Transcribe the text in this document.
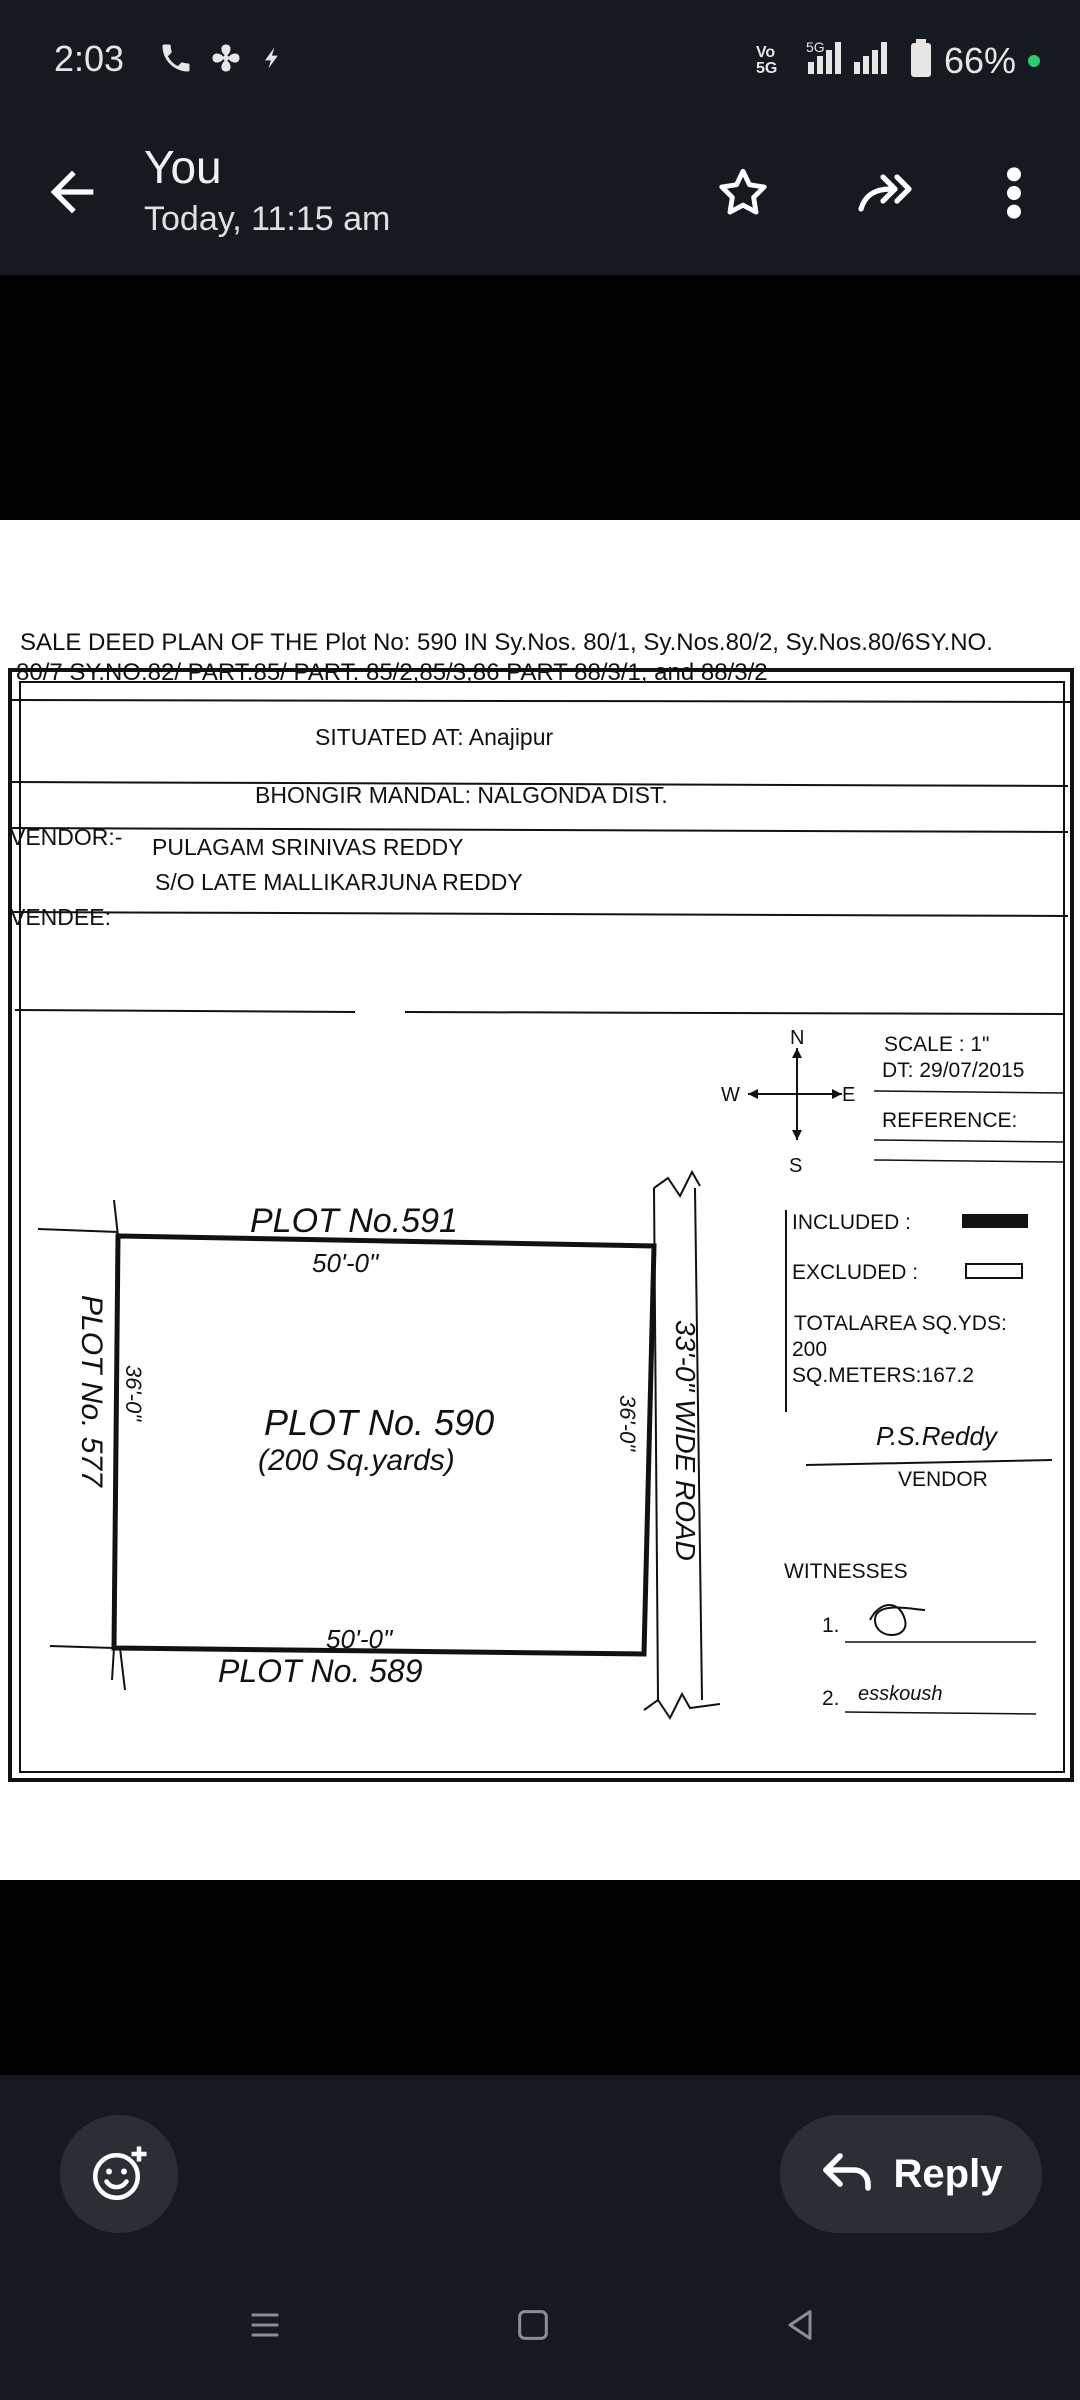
2:03	Vo 5G
5G	66%
You
Today, 11:15 am
SALE DEED PLAN OF THE Plot No: 590 IN Sy.Nos. 80/1, Sy.Nos.80/2, Sy.Nos.80/6SY.NO.
80/7 SY.NO.82/ PART.85/ PART. 85/2,85/3,86 PART 88/3/1, and 88/3/2
SITUATED AT: Anajipur
BHONGIR MANDAL: NALGONDA DIST.
VENDOR:- PULAGAM SRINIVAS REDDY
S/O LATE MALLIKARJUNA REDDY
VENDEE:
N
S
E
W
SCALE : 1"
DT: 29/07/2015
REFERENCE:
INCLUDED :
EXCLUDED :
TOTALAREA SQ.YDS:
200
SQ.METERS:167.2
P.S.Reddy
VENDOR
WITNESSES
1.
2. esskoush
PLOT No.591
50'-0"
PLOT No. 590
(200 Sq.yards)
50'-0"
PLOT No. 589
PLOT No. 577 36'-0"
36'-0" 33'-0" WIDE ROAD
Reply
